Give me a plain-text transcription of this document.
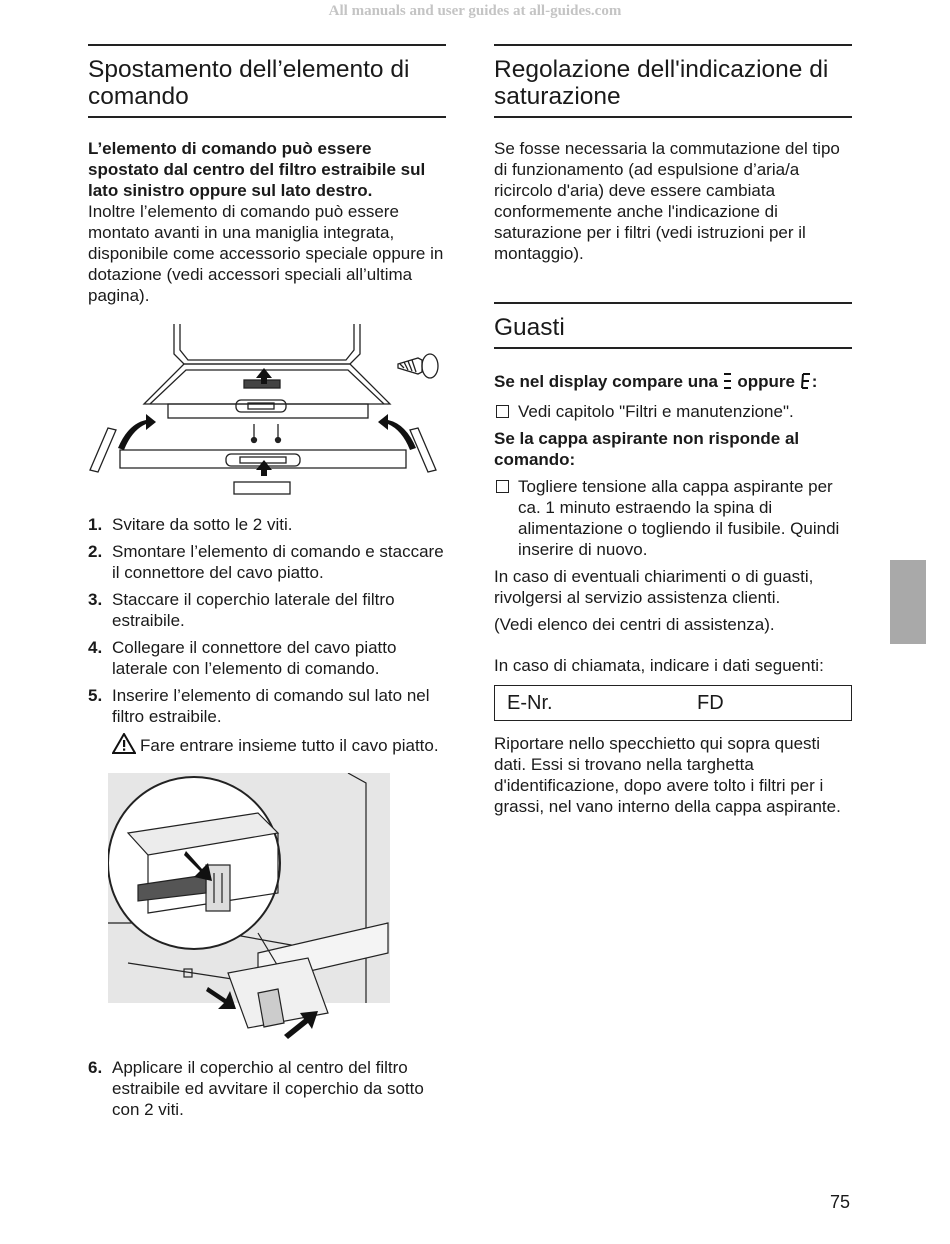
All manuals and user guides at all-guides.com
Spostamento dell’elemento di comando

L’elemento di comando può essere spostato dal centro del filtro estraibile sul lato sinistro oppure sul lato destro.

Inoltre l’elemento di comando può essere montato avanti in una maniglia integrata, disponibile come accessorio speciale oppure in dotazione (vedi accessori speciali all’ultima pagina).

1. Svitare da sotto le 2 viti.
2. Smontare l’elemento di comando e staccare il connettore del cavo piatto.
3. Staccare il coperchio laterale del filtro estraibile.
4. Collegare il connettore del cavo piatto laterale con l’elemento di comando.
5. Inserire l’elemento di comando sul lato nel filtro estraibile.
Fare entrare insieme tutto il cavo piatto.
6. Applicare il coperchio al centro del filtro estraibile ed avvitare il coperchio da sotto con 2 viti.
Regolazione dell'indicazione di saturazione

Se fosse necessaria la commutazione del tipo di funzionamento (ad espulsione d’aria/a ricircolo d'aria) deve essere cambiata conformemente anche l'indicazione di saturazione per i filtri (vedi istruzioni per il montaggio).

Guasti

Se nel display compare una oppure :

Vedi capitolo "Filtri e manutenzione".

Se la cappa aspirante non risponde al comando:

Togliere tensione alla cappa aspirante per ca. 1 minuto estraendo la spina di alimentazione o togliendo il fusibile. Quindi inserire di nuovo.

In caso di eventuali chiarimenti o di guasti, rivolgersi al servizio assistenza clienti.

(Vedi elenco dei centri di assistenza).

In caso di chiamata, indicare i dati seguenti:

E-Nr.	FD

Riportare nello specchietto qui sopra questi dati. Essi si trovano nella targhetta d'identificazione, dopo avere tolto i filtri per i grassi, nel vano interno della cappa aspirante.

75
